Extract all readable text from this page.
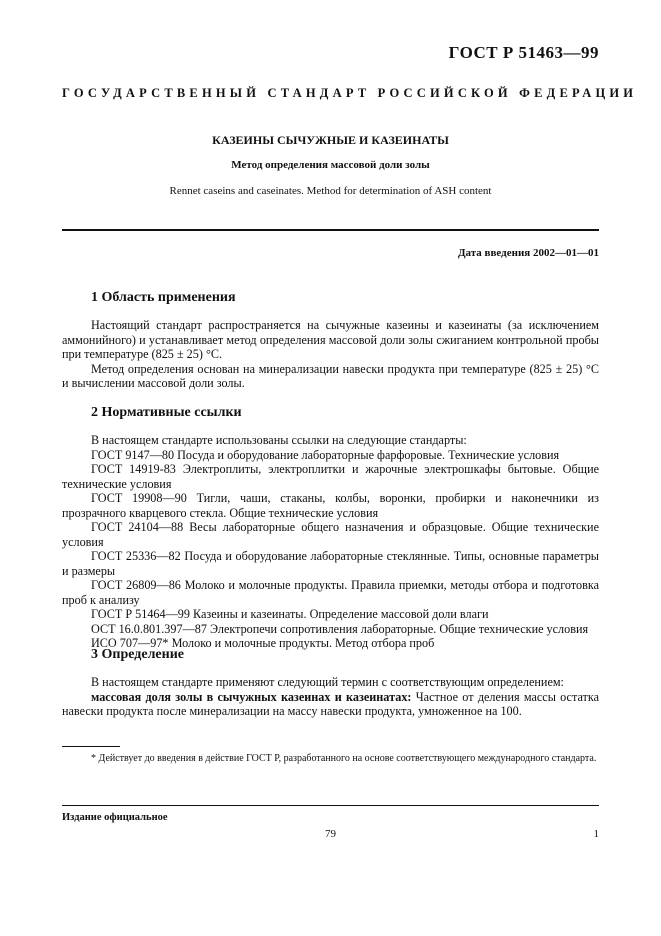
ГОСТ Р 51463—99
ГОСУДАРСТВЕННЫЙ СТАНДАРТ РОССИЙСКОЙ ФЕДЕРАЦИИ
КАЗЕИНЫ СЫЧУЖНЫЕ И КАЗЕИНАТЫ
Метод определения массовой доли золы
Rennet caseins and caseinates. Method for determination of ASH content
Дата введения 2002—01—01
1 Область применения

Настоящий стандарт распространяется на сычужные казеины и казеинаты (за исключением аммонийного) и устанавливает метод определения массовой доли золы сжиганием контрольной пробы при температуре (825 ± 25) °С.

Метод определения основан на минерализации навески продукта при температуре (825 ± 25) °С и вычислении массовой доли золы.

2 Нормативные ссылки

В настоящем стандарте использованы ссылки на следующие стандарты:

ГОСТ 9147—80 Посуда и оборудование лабораторные фарфоровые. Технические условия

ГОСТ 14919-83 Электроплиты, электроплитки и жарочные электрошкафы бытовые. Общие технические условия

ГОСТ 19908—90 Тигли, чаши, стаканы, колбы, воронки, пробирки и наконечники из прозрачного кварцевого стекла. Общие технические условия

ГОСТ 24104—88 Весы лабораторные общего назначения и образцовые. Общие технические условия

ГОСТ 25336—82 Посуда и оборудование лабораторные стеклянные. Типы, основные параметры и размеры

ГОСТ 26809—86 Молоко и молочные продукты. Правила приемки, методы отбора и подготовка проб к анализу

ГОСТ Р 51464—99 Казеины и казеинаты. Определение массовой доли влаги

ОСТ 16.0.801.397—87 Электропечи сопротивления лабораторные. Общие технические условия

ИСО 707—97* Молоко и молочные продукты. Метод отбора проб

3 Определение

В настоящем стандарте применяют следующий термин с соответствующим определением:

массовая доля золы в сычужных казеинах и казеинатах: Частное от деления массы остатка навески продукта после минерализации на массу навески продукта, умноженное на 100.

* Действует до введения в действие ГОСТ Р, разработанного на основе соответствующего международного стандарта.
Издание официальное
79	1
